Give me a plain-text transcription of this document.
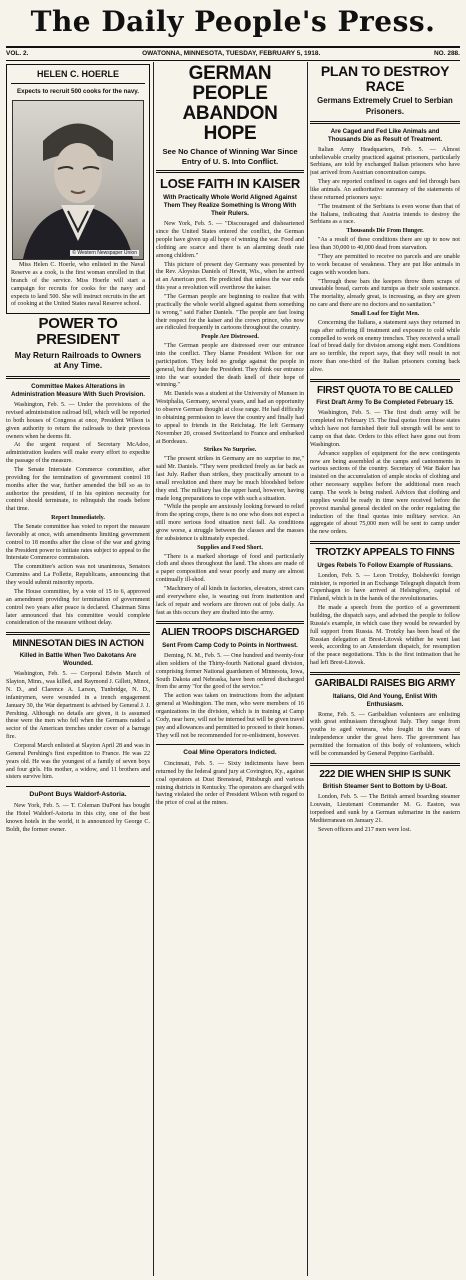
The Daily People's Press.
VOL. 2.	OWATONNA, MINNESOTA, TUESDAY, FEBRUARY 5, 1918.	NO. 288.
HELEN C. HOERLE
Expects to recruit 500 cooks for the navy.
© Western Newspaper Union

Miss Helen C. Hoerle, who enlisted in the Naval Reserve as a cook, is the first woman enrolled in that branch of the service. Miss Hoerle will start a campaign for recruits for cooks for the navy and expects to land 500. She will instruct recruits in the art of cooking at the United States naval Reserve school.

POWER TO PRESIDENT
May Return Railroads to Owners at Any Time.
Committee Makes Alterations in Administration Measure With Such Provision.

Washington, Feb. 5. — Under the provisions of the revised administration railroad bill, which will be reported to both houses of Congress at once, President Wilson is given authority to return the railroads to their previous owners when he deems fit.

At the urgent request of Secretary McAdoo, administration leaders will make every effort to expedite the passage of the measure.

The Senate Interstate Commerce committee, after providing for the termination of government control 18 months after the war, further amended the bill so as to authorize the president, if in his opinion necessity for control should terminate, to relinquish the roads before that time.

Report Immediately.

The Senate committee has voted to report the measure favorably at once, with amendments limiting government control to 18 months after the close of the war and giving the President power to initiate rates subject to appeal to the Interstate Commerce commission.

The committee's action was not unanimous, Senators Cummins and La Follette, Republicans, announcing that they would submit minority reports.

The House committee, by a vote of 15 to 6, approved an amendment providing for termination of government control two years after peace is declared. Chairman Sims later announced that his committee would complete consideration of the measure without delay.

MINNESOTAN DIES IN ACTION
Killed in Battle When Two Dakotans Are Wounded.

Washington, Feb. 5. — Corporal Edwin March of Slayton, Minn., was killed, and Raymond J. Gillett, Minot, N. D., and Clarence A. Larson, Tunbridge, N. D., infantrymen, were wounded in a trench engagement January 30, the War department is advised by General J. J. Pershing. Although no details are given, it is assumed these were the men who fell when the Germans raided a sector of the American trenches under cover of a barrage fire.

Corporal March enlisted at Slayton April 28 and was in General Pershing's first expedition to France. He was 22 years old. He was the youngest of a family of seven boys and four girls. His mother, a widow, and 11 brothers and sisters survive him.

DuPont Buys Waldorf-Astoria.

New York, Feb. 5. — T. Coleman DuPont has bought the Hotel Waldorf-Astoria in this city, one of the best known hotels in the world, it is announced by George C. Boldt, the former owner.

GERMAN PEOPLE ABANDON HOPE
See No Chance of Winning War Since Entry of U. S. Into Conflict.
LOSE FAITH IN KAISER
With Practically Whole World Aligned Against Them They Realize Something Is Wrong With Their Rulers.

New York, Feb. 5. — "Discouraged and disheartened since the United States entered the conflict, the German people have given up all hope of winning the war. Food and clothing are scarce and there is an alarming death rate among children."

This picture of present day Germany was presented by the Rev. Aloysius Daniels of Hewitt, Wis., when he arrived at an American port. He predicted that unless the war ends this year a revolution will overthrow the kaiser.

"The German people are beginning to realize that with practically the whole world aligned against them something is wrong," said Father Daniels. "The people are fast losing their respect for the kaiser and the crown prince, who now are ridiculed frequently in cartoons throughout the country.

People Are Distressed.

"The German people are distressed over our entrance into the conflict. They blame President Wilson for our participation. They hold no grudge against the people in general, but they hate the President. They think our entrance into the war sounded the death knell of their hope of winning."

Mr. Daniels was a student at the University of Munsen in Westphalia, Germany, several years, and had an opportunity to observe German thought at close range. He had difficulty in obtaining permission to leave the country and finally had to appeal to friends in the Reichstag. He left Germany November 20, crossed Switzerland to France and embarked at Bordeaux.

Strikes No Surprise.

"The present strikes in Germany are no surprise to me," said Mr. Daniels. "They were predicted freely as far back as last July. Rather than strikes, they practically amount to a small revolution and there may be much bloodshed before they end. The military has the upper hand, however, having made long preparations to cope with such a situation.

"While the people are anxiously looking forward to relief from the spring crops, there is no one who does not expect a still more serious food situation next fall. As conditions grow worse, a struggle between the classes and the masses for subsistence is ultimately expected.

Supplies and Food Short.

"There is a marked shortage of food and particularly cloth and shoes throughout the land. The shoes are made of a paper composition and wear poorly and many are almost continually ill-shod.

"Machinery of all kinds in factories, elevators, street cars and everywhere else, is wearing out from inattention and lack of repair and workers are thrown out of jobs daily. As fast as this occurs they are drafted into the army.

ALIEN TROOPS DISCHARGED
Sent From Camp Cody to Points in Northwest.

Deming, N. M., Feb. 5. — One hundred and twenty-four alien soldiers of the Thirty-fourth National guard division, comprising former National guardsmen of Minnesota, Iowa, South Dakota and Nebraska, have been ordered discharged from the army "for the good of the service."

The action was taken on instructions from the adjutant general at Washington. The men, who were members of 16 organizations in the division, which is in training at Camp Cody, near here, will not be interned but will be given travel pay and allowances and permitted to proceed to their homes. They will not be recommended for re-enlistment, however.

Coal Mine Operators Indicted.

Cincinnati, Feb. 5. — Sixty indictments have been returned by the federal grand jury at Covington, Ky., against coal operators at Dust Brenstead, Pittsburgh and various mining districts in Kentucky. The operators are charged with having violated the order of President Wilson with regard to the price of coal at the mines.

PLAN TO DESTROY RACE
Germans Extremely Cruel to Serbian Prisoners.
Are Caged and Fed Like Animals and Thousands Die as Result of Treatment.

Italian Army Headquarters, Feb. 5. — Almost unbelievable cruelty practiced against prisoners, particularly Serbians, are told by exchanged Italian prisoners who have just arrived from Austrian concentration camps.

They are reported confined in cages and fed through bars like animals. An authoritative summary of the statements of these returned prisoners says:

"The treatment of the Serbians is even worse than that of the Italians, indicating that Austria intends to destroy the Serbians as a race.

Thousands Die From Hunger.

"As a result of these conditions there are up to now not less than 30,000 to 40,000 dead from starvation.

"They are permitted to receive no parcels and are unable to work because of weakness. They are put like animals in cages with wooden bars.

"Through these bars the keepers throw them scraps of uneatable bread, carrots and turnips as their sole sustenance. The mortality, already great, is increasing, as they are given no care and there are no doctors and no sanitation."

Small Loaf for Eight Men.

Concerning the Italians, a statement says they returned in rags after suffering ill treatment and exposure to cold while compelled to work on enemy trenches. They received a small loaf of bread daily for division among eight men. Conditions are so terrible, the report says, that they will result in not more than one-third of the Italian prisoners coming back alive.

FIRST QUOTA TO BE CALLED
First Draft Army To Be Completed February 15.

Washington, Feb. 5. — The first draft army will be completed on February 15. The final quotas from those states which have not furnished their full strength will be sent to camp on that date. Orders to this effect have gone out from Washington.

Advance supplies of equipment for the new contingents now are being assembled at the camps and cantonments in various sections of the country. Secretary of War Baker has insisted on the accumulation of ample stocks of clothing and other necessary supplies before the additional men reach camp. The work is being rushed. Advices that clothing and supplies would be ready in time were received before the provost marshal general decided on the order regulating the induction of the final quotas into military service. An aggregate of about 75,000 men will be sent to camp under the new orders.

TROTZKY APPEALS TO FINNS
Urges Rebels To Follow Example of Russians.

London, Feb. 5. — Leon Trotzky, Bolsheviki foreign minister, is reported in an Exchange Telegraph dispatch from Copenhagen to have arrived at Helsingfors, capital of Finland, which is in the hands of the revolutionaries.

He made a speech from the portico of a government building, the dispatch says, and advised the people to follow Russia's example, in which case they would be rewarded by full support from Russia. M. Trotzky has been head of the Russian delegation at Brest-Litovsk whither he went last week, according to an Amsterdam dispatch, for resumption of the peace negotiations. This is the first intimation that he had left Brest-Litovsk.

GARIBALDI RAISES BIG ARMY
Italians, Old And Young, Enlist With Enthusiasm.

Rome, Feb. 5. — Garibaldian volunteers are enlisting with great enthusiasm throughout Italy. They range from youths to aged veterans, who fought in the wars of independence under the great hero. The government has permitted the formation of this body of volunteers, which will be commanded by General Peppino Garibaldi.

222 DIE WHEN SHIP IS SUNK
British Steamer Sent to Bottom by U-Boat.

London, Feb. 5. — The British armed boarding steamer Louvain, Lieutenant Commander M. G. Easton, was torpedoed and sunk by a German submarine in the eastern Mediterranean on January 21.

Seven officers and 217 men were lost.
